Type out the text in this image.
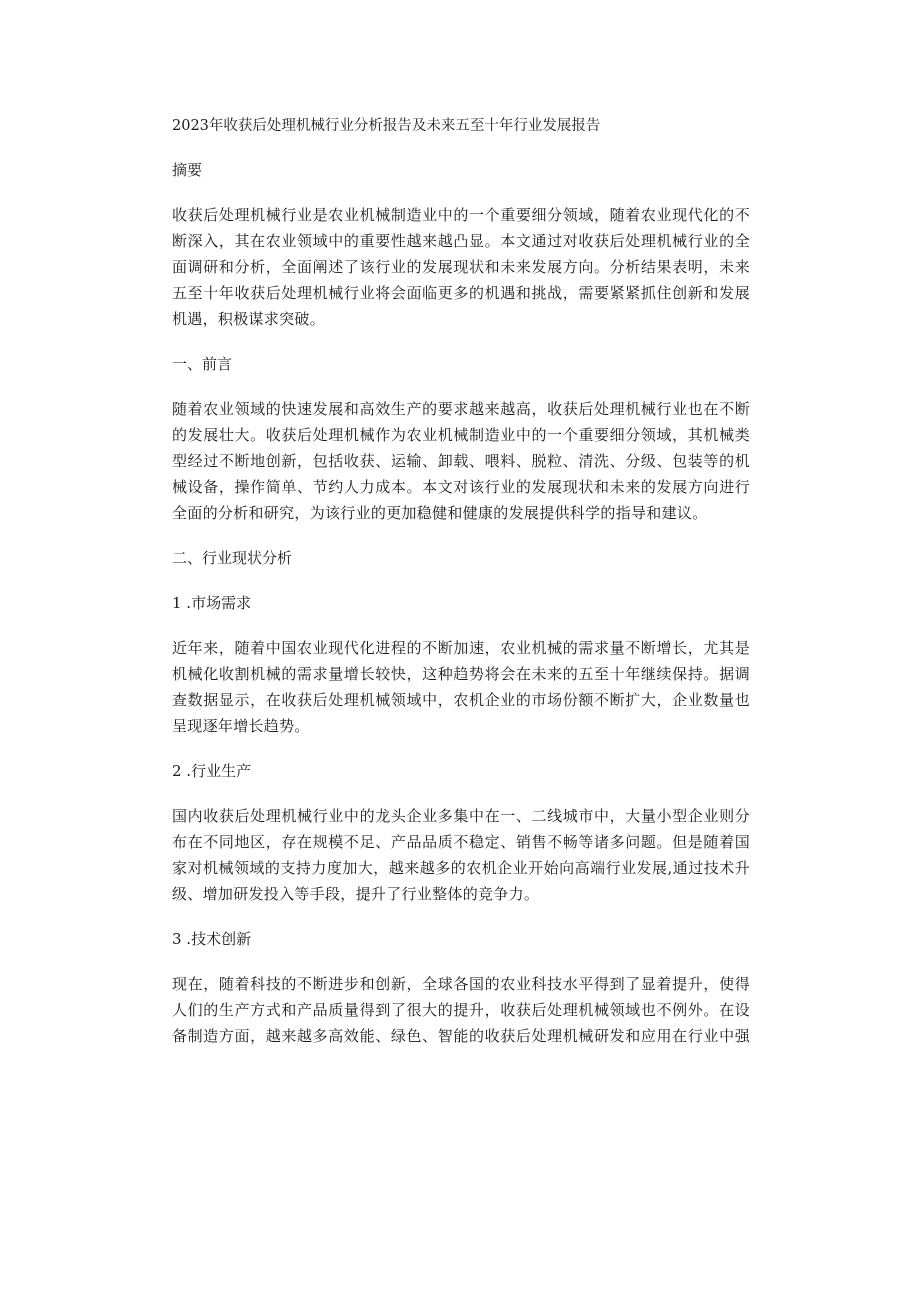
2023年收获后处理机械行业分析报告及未来五至十年行业发展报告
摘要
收获后处理机械行业是农业机械制造业中的一个重要细分领域，随着农业现代化的不
断深入，其在农业领域中的重要性越来越凸显。本文通过对收获后处理机械行业的全
面调研和分析，全面阐述了该行业的发展现状和未来发展方向。分析结果表明，未来
五至十年收获后处理机械行业将会面临更多的机遇和挑战，需要紧紧抓住创新和发展
机遇，积极谋求突破。
一、前言
随着农业领域的快速发展和高效生产的要求越来越高，收获后处理机械行业也在不断
的发展壮大。收获后处理机械作为农业机械制造业中的一个重要细分领域，其机械类
型经过不断地创新，包括收获、运输、卸载、喂料、脱粒、清洗、分级、包装等的机
械设备，操作简单、节约人力成本。本文对该行业的发展现状和未来的发展方向进行
全面的分析和研究，为该行业的更加稳健和健康的发展提供科学的指导和建议。
二、行业现状分析
1 .市场需求
近年来，随着中国农业现代化进程的不断加速，农业机械的需求量不断增长，尤其是
机械化收割机械的需求量增长较快，这种趋势将会在未来的五至十年继续保持。据调
查数据显示，在收获后处理机械领域中，农机企业的市场份额不断扩大，企业数量也
呈现逐年增长趋势。
2 .行业生产
国内收获后处理机械行业中的龙头企业多集中在一、二线城市中，大量小型企业则分
布在不同地区，存在规模不足、产品品质不稳定、销售不畅等诸多问题。但是随着国
家对机械领域的支持力度加大，越来越多的农机企业开始向高端行业发展,通过技术升
级、增加研发投入等手段，提升了行业整体的竞争力。
3 .技术创新
现在，随着科技的不断进步和创新，全球各国的农业科技水平得到了显着提升，使得
人们的生产方式和产品质量得到了很大的提升，收获后处理机械领域也不例外。在设
备制造方面，越来越多高效能、绿色、智能的收获后处理机械研发和应用在行业中强
